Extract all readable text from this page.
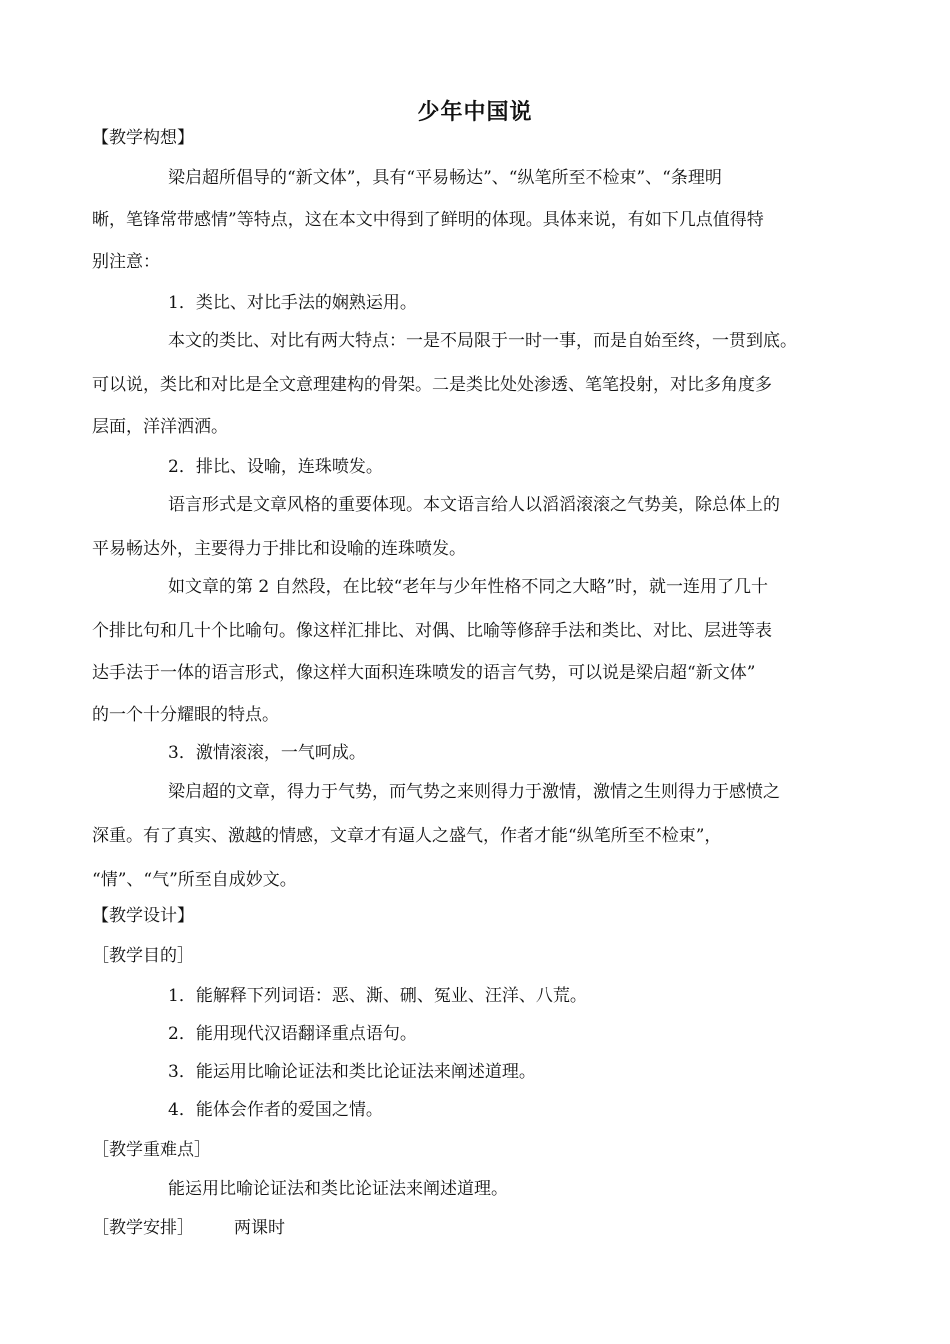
少年中国说
【教学构想】
梁启超所倡导的“新文体”，具有“平易畅达”、“纵笔所至不检束”、“条理明
晰，笔锋常带感情”等特点，这在本文中得到了鲜明的体现。具体来说，有如下几点值得特
别注意：
1．类比、对比手法的娴熟运用。
本文的类比、对比有两大特点：一是不局限于一时一事，而是自始至终，一贯到底。
可以说，类比和对比是全文意理建构的骨架。二是类比处处渗透、笔笔投射，对比多角度多
层面，洋洋洒洒。
2．排比、设喻，连珠喷发。
语言形式是文章风格的重要体现。本文语言给人以滔滔滚滚之气势美，除总体上的
平易畅达外，主要得力于排比和设喻的连珠喷发。
如文章的第 2 自然段，在比较“老年与少年性格不同之大略”时，就一连用了几十
个排比句和几十个比喻句。像这样汇排比、对偶、比喻等修辞手法和类比、对比、层进等表
达手法于一体的语言形式，像这样大面积连珠喷发的语言气势，可以说是梁启超“新文体”
的一个十分耀眼的特点。
3．激情滚滚，一气呵成。
梁启超的文章，得力于气势，而气势之来则得力于激情，激情之生则得力于感愤之
深重。有了真实、激越的情感，文章才有逼人之盛气，作者才能“纵笔所至不检束”，
“情”、“气”所至自成妙文。
【教学设计】
［教学目的］
1．能解释下列词语：恶、澌、硎、冤业、汪洋、八荒。
2．能用现代汉语翻译重点语句。
3．能运用比喻论证法和类比论证法来阐述道理。
4．能体会作者的爱国之情。
［教学重难点］
能运用比喻论证法和类比论证法来阐述道理。
［教学安排］ 两课时
